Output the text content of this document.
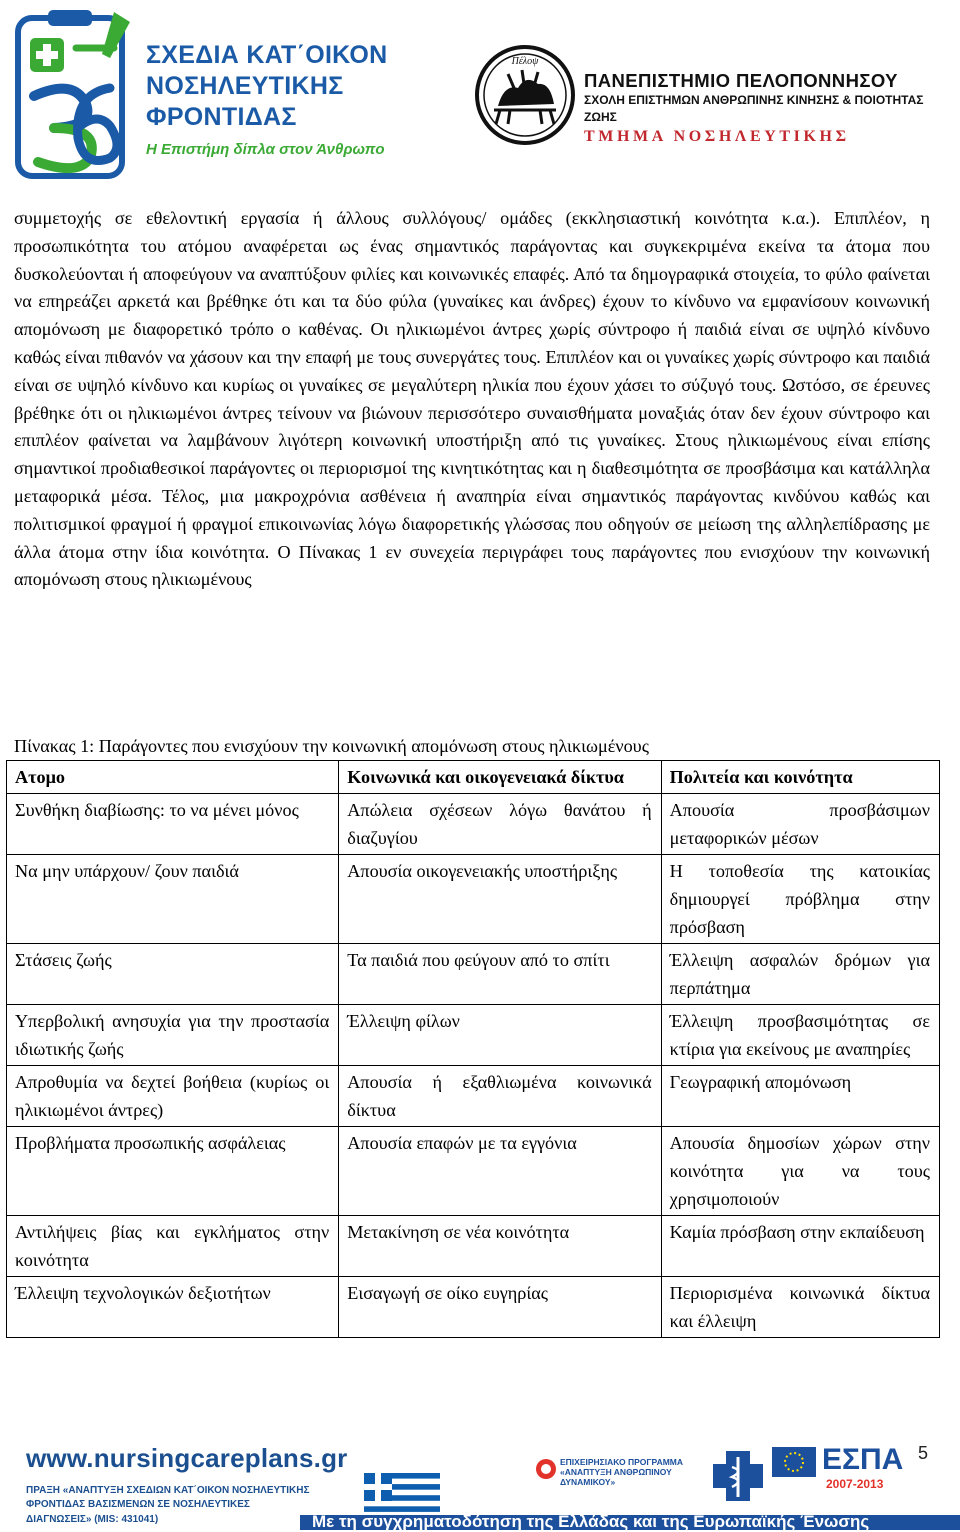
ΣΧΕΔΙΑ ΚΑΤ΄ΟΙΚΟΝ
ΝΟΣΗΛΕΥΤΙΚΗΣ
ΦΡΟΝΤΙΔΑΣ
Η Επιστήμη δίπλα στον Άνθρωπο
Πέλοψ
ΠΑΝΕΠΙΣΤΗΜΙΟ ΠΕΛΟΠΟΝΝΗΣΟΥ
ΣΧΟΛΗ ΕΠΙΣΤΗΜΩΝ ΑΝΘΡΩΠΙΝΗΣ ΚΙΝΗΣΗΣ & ΠΟΙΟΤΗΤΑΣ ΖΩΗΣ
ΤΜΗΜΑ ΝΟΣΗΛΕΥΤΙΚΗΣ
συμμετοχής σε εθελοντική εργασία ή άλλους συλλόγους/ ομάδες (εκκλησιαστική κοινότητα κ.α.). Επιπλέον, η προσωπικότητα του ατόμου αναφέρεται ως ένας σημαντικός παράγοντας και συγκεκριμένα εκείνα τα άτομα που δυσκολεύονται ή αποφεύγουν να αναπτύξουν φιλίες και κοινωνικές επαφές. Από τα δημογραφικά στοιχεία, το φύλο φαίνεται να επηρεάζει αρκετά και βρέθηκε ότι και τα δύο φύλα (γυναίκες και άνδρες) έχουν το κίνδυνο να εμφανίσουν κοινωνική απομόνωση με διαφορετικό τρόπο ο καθένας. Οι ηλικιωμένοι άντρες χωρίς σύντροφο ή παιδιά είναι σε υψηλό κίνδυνο καθώς είναι πιθανόν να χάσουν και την επαφή με τους συνεργάτες τους. Επιπλέον και οι γυναίκες χωρίς σύντροφο και παιδιά είναι σε υψηλό κίνδυνο και κυρίως οι γυναίκες σε μεγαλύτερη ηλικία που έχουν χάσει το σύζυγό τους. Ωστόσο, σε έρευνες βρέθηκε ότι οι ηλικιωμένοι άντρες τείνουν να βιώνουν περισσότερο συναισθήματα μοναξιάς όταν δεν έχουν σύντροφο και επιπλέον φαίνεται να λαμβάνουν λιγότερη κοινωνική υποστήριξη από τις γυναίκες. Στους ηλικιωμένους είναι επίσης σημαντικοί προδιαθεσικοί παράγοντες οι περιορισμοί της κινητικότητας και η διαθεσιμότητα σε προσβάσιμα και κατάλληλα μεταφορικά μέσα. Τέλος, μια μακροχρόνια ασθένεια ή αναπηρία είναι σημαντικός παράγοντας κινδύνου καθώς και πολιτισμικοί φραγμοί ή φραγμοί επικοινωνίας λόγω διαφορετικής γλώσσας που οδηγούν σε μείωση της αλληλεπίδρασης με άλλα άτομα στην ίδια κοινότητα. Ο Πίνακας 1 εν συνεχεία περιγράφει τους παράγοντες που ενισχύουν την κοινωνική απομόνωση στους ηλικιωμένους
Πίνακας 1: Παράγοντες που ενισχύουν την κοινωνική απομόνωση στους ηλικιωμένους
Ατομο	Κοινωνικά και οικογενειακά δίκτυα	Πολιτεία και κοινότητα
Συνθήκη διαβίωσης: το να μένει μόνος	Απώλεια σχέσεων λόγω θανάτου ή διαζυγίου	Απουσία προσβάσιμων μεταφορικών μέσων
Να μην υπάρχουν/ ζουν παιδιά	Απουσία οικογενειακής υποστήριξης	Η τοποθεσία της κατοικίας δημιουργεί πρόβλημα στην πρόσβαση
Στάσεις ζωής	Τα παιδιά που φεύγουν από το σπίτι	Έλλειψη ασφαλών δρόμων για περπάτημα
Υπερβολική ανησυχία για την προστασία ιδιωτικής ζωής	Έλλειψη φίλων	Έλλειψη προσβασιμότητας σε κτίρια για εκείνους με αναπηρίες
Απροθυμία να δεχτεί βοήθεια (κυρίως οι ηλικιωμένοι άντρες)	Απουσία ή εξαθλιωμένα κοινωνικά δίκτυα	Γεωγραφική απομόνωση
Προβλήματα προσωπικής ασφάλειας	Απουσία επαφών με τα εγγόνια	Απουσία δημοσίων χώρων στην κοινότητα για να τους χρησιμοποιούν
Αντιλήψεις βίας και εγκλήματος στην κοινότητα	Μετακίνηση σε νέα κοινότητα	Καμία πρόσβαση στην εκπαίδευση
Έλλειψη τεχνολογικών δεξιοτήτων	Εισαγωγή σε οίκο ευγηρίας	Περιορισμένα κοινωνικά δίκτυα και έλλειψη
www.nursingcareplans.gr
ΠΡΑΞΗ «ΑΝΑΠΤΥΞΗ ΣΧΕΔΙΩΝ ΚΑΤ΄ΟΙΚΟΝ ΝΟΣΗΛΕΥΤΙΚΗΣ
ΦΡΟΝΤΙΔΑΣ ΒΑΣΙΣΜΕΝΩΝ ΣΕ ΝΟΣΗΛΕΥΤΙΚΕΣ
ΔΙΑΓΝΩΣΕΙΣ» (MIS: 431041)
ΕΠΙΧΕΙΡΗΣΙΑΚΟ ΠΡΟΓΡΑΜΜΑ «ΑΝΑΠΤΥΞΗ ΑΝΘΡΩΠΙΝΟΥ ΔΥΝΑΜΙΚΟΥ»
ΕΣΠΑ
2007-2013
5
Με τη συγχρηματοδότηση της Ελλάδας και της Ευρωπαϊκής Ένωσης
